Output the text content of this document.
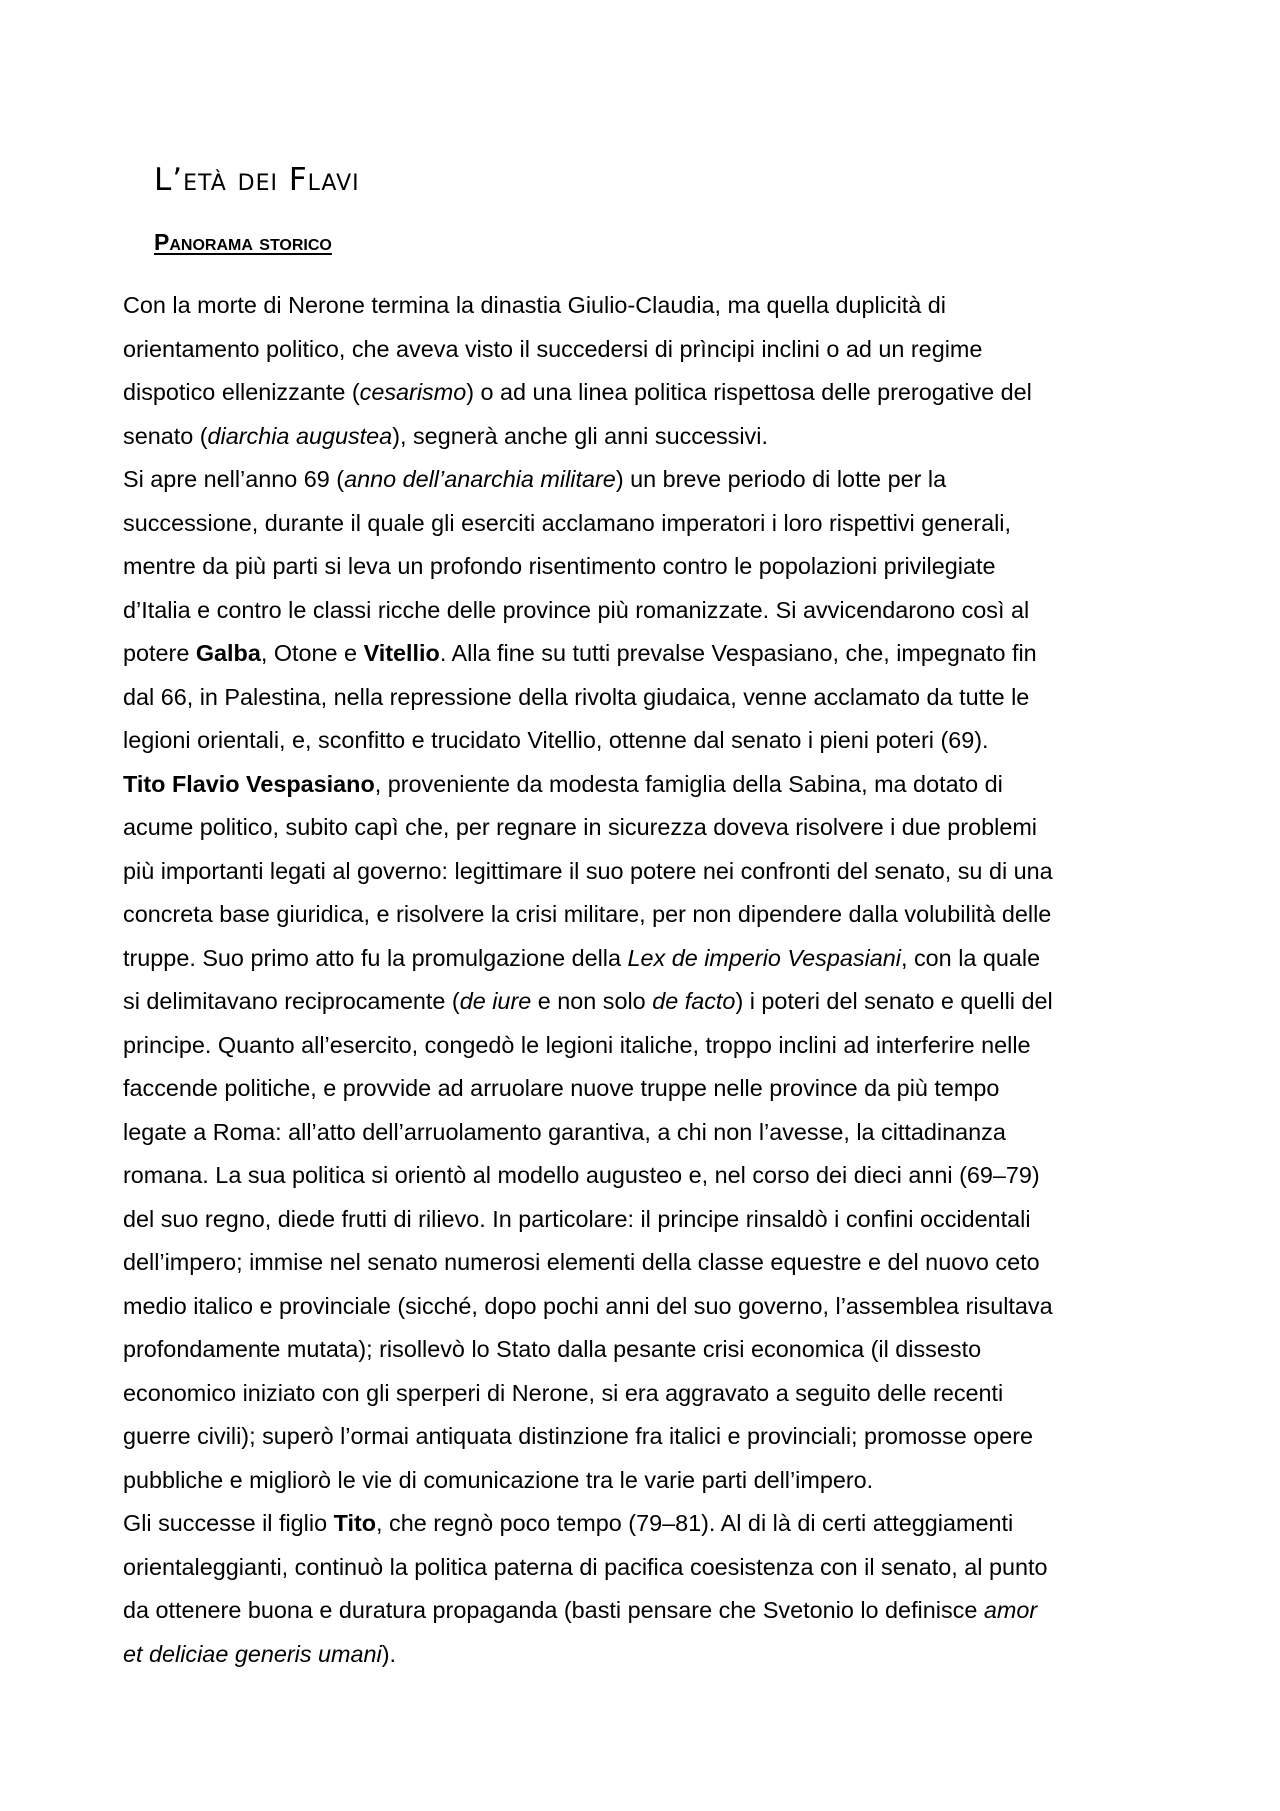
L’età dei Flavi
Panorama storico
Con la morte di Nerone termina la dinastia Giulio-Claudia, ma quella duplicità di
orientamento politico, che aveva visto il succedersi di prìncipi inclini o ad un regime
dispotico ellenizzante (cesarismo) o ad una linea politica rispettosa delle prerogative del
senato (diarchia augustea), segnerà anche gli anni successivi.
Si apre nell’anno 69 (anno dell’anarchia militare) un breve periodo di lotte per la
successione, durante il quale gli eserciti acclamano imperatori i loro rispettivi generali,
mentre da più parti si leva un profondo risentimento contro le popolazioni privilegiate
d’Italia e contro le classi ricche delle province più romanizzate. Si avvicendarono così al
potere Galba, Otone e Vitellio. Alla fine su tutti prevalse Vespasiano, che, impegnato fin
dal 66, in Palestina, nella repressione della rivolta giudaica, venne acclamato da tutte le
legioni orientali, e, sconfitto e trucidato Vitellio, ottenne dal senato i pieni poteri (69).
Tito Flavio Vespasiano, proveniente da modesta famiglia della Sabina, ma dotato di
acume politico, subito capì che, per regnare in sicurezza doveva risolvere i due problemi
più importanti legati al governo: legittimare il suo potere nei confronti del senato, su di una
concreta base giuridica, e risolvere la crisi militare, per non dipendere dalla volubilità delle
truppe. Suo primo atto fu la promulgazione della Lex de imperio Vespasiani, con la quale
si delimitavano reciprocamente (de iure e non solo de facto) i poteri del senato e quelli del
principe. Quanto all’esercito, congedò le legioni italiche, troppo inclini ad interferire nelle
faccende politiche, e provvide ad arruolare nuove truppe nelle province da più tempo
legate a Roma: all’atto dell’arruolamento garantiva, a chi non l’avesse, la cittadinanza
romana. La sua politica si orientò al modello augusteo e, nel corso dei dieci anni (69–79)
del suo regno, diede frutti di rilievo. In particolare: il principe rinsaldò i confini occidentali
dell’impero; immise nel senato numerosi elementi della classe equestre e del nuovo ceto
medio italico e provinciale (sicché, dopo pochi anni del suo governo, l’assemblea risultava
profondamente mutata); risollevò lo Stato dalla pesante crisi economica (il dissesto
economico iniziato con gli sperperi di Nerone, si era aggravato a seguito delle recenti
guerre civili); superò l’ormai antiquata distinzione fra italici e provinciali; promosse opere
pubbliche e migliorò le vie di comunicazione tra le varie parti dell’impero.
Gli successe il figlio Tito, che regnò poco tempo (79–81). Al di là di certi atteggiamenti
orientaleggianti, continuò la politica paterna di pacifica coesistenza con il senato, al punto
da ottenere buona e duratura propaganda (basti pensare che Svetonio lo definisce amor
et deliciae generis umani).
